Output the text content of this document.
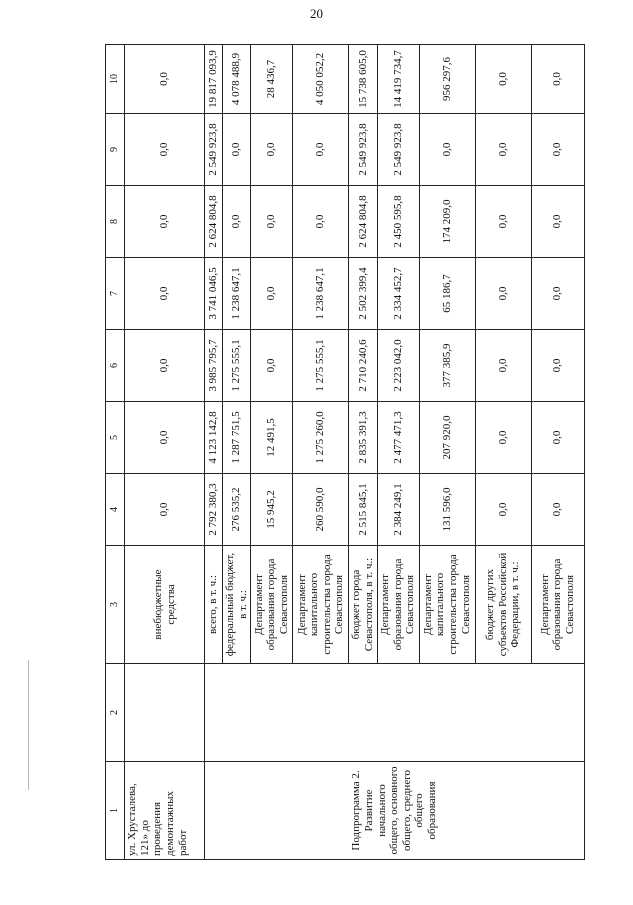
20
1	2	3	4	5	6	7	8	9	10
ул. Хрусталева, 121» до проведения демонтажных работ		внебюджетные средства	0,0	0,0	0,0	0,0	0,0	0,0	0,0
Подпрограмма 2. Развитие начального общего, основного общего, среднего общего образования		всего, в т. ч.:	2 792 380,3	4 123 142,8	3 985 795,7	3 741 046,5	2 624 804,8	2 549 923,8	19 817 093,9
		федеральный бюджет, в т. ч.:	276 535,2	1 287 751,5	1 275 555,1	1 238 647,1	0,0	0,0	4 078 488,9
		Департамент образования города Севастополя	15 945,2	12 491,5	0,0	0,0	0,0	0,0	28 436,7
		Департамент капитального строительства города Севастополя	260 590,0	1 275 260,0	1 275 555,1	1 238 647,1	0,0	0,0	4 050 052,2
		бюджет города Севастополя, в т. ч.:	2 515 845,1	2 835 391,3	2 710 240,6	2 502 399,4	2 624 804,8	2 549 923,8	15 738 605,0
		Департамент образования города Севастополя	2 384 249,1	2 477 471,3	2 223 042,0	2 334 452,7	2 450 595,8	2 549 923,8	14 419 734,7
		Департамент капитального строительства города Севастополя	131 596,0	207 920,0	377 385,9	65 186,7	174 209,0	0,0	956 297,6
		бюджет других субъектов Российской Федерации, в т. ч.:	0,0	0,0	0,0	0,0	0,0	0,0	0,0
		Департамент образования города Севастополя	0,0	0,0	0,0	0,0	0,0	0,0	0,0
